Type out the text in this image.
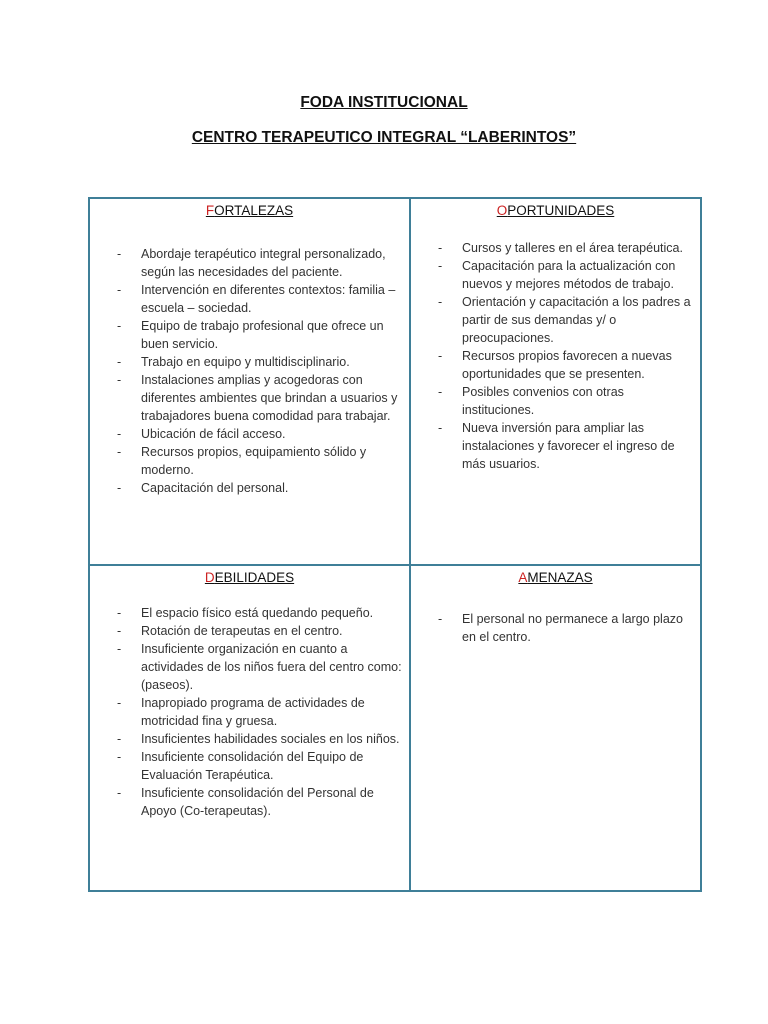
FODA INSTITUCIONAL
CENTRO TERAPEUTICO INTEGRAL “LABERINTOS”
FORTALEZAS
- Abordaje terapéutico integral personalizado, según las necesidades del paciente.
- Intervención en diferentes contextos: familia – escuela – sociedad.
- Equipo de trabajo profesional que ofrece un buen servicio.
- Trabajo en equipo y multidisciplinario.
- Instalaciones amplias y acogedoras con diferentes ambientes que brindan a usuarios y trabajadores buena comodidad para trabajar.
- Ubicación de fácil acceso.
- Recursos propios, equipamiento sólido y moderno.
- Capacitación del personal.
OPORTUNIDADES
- Cursos y talleres en el área terapéutica.
- Capacitación para la actualización con nuevos y mejores métodos de trabajo.
- Orientación y capacitación a los padres a partir de sus demandas y/ o preocupaciones.
- Recursos propios favorecen a nuevas oportunidades que se presenten.
- Posibles convenios con otras instituciones.
- Nueva inversión para ampliar las instalaciones y favorecer el ingreso de más usuarios.
DEBILIDADES
- El espacio físico está quedando pequeño.
- Rotación de terapeutas en el centro.
- Insuficiente organización en cuanto a actividades de los niños fuera del centro como: (paseos).
- Inapropiado programa de actividades de motricidad fina y gruesa.
- Insuficientes habilidades sociales en los niños.
- Insuficiente consolidación del Equipo de Evaluación Terapéutica.
- Insuficiente consolidación del Personal de Apoyo (Co-terapeutas).
AMENAZAS
- El personal no permanece a largo plazo en el centro.
